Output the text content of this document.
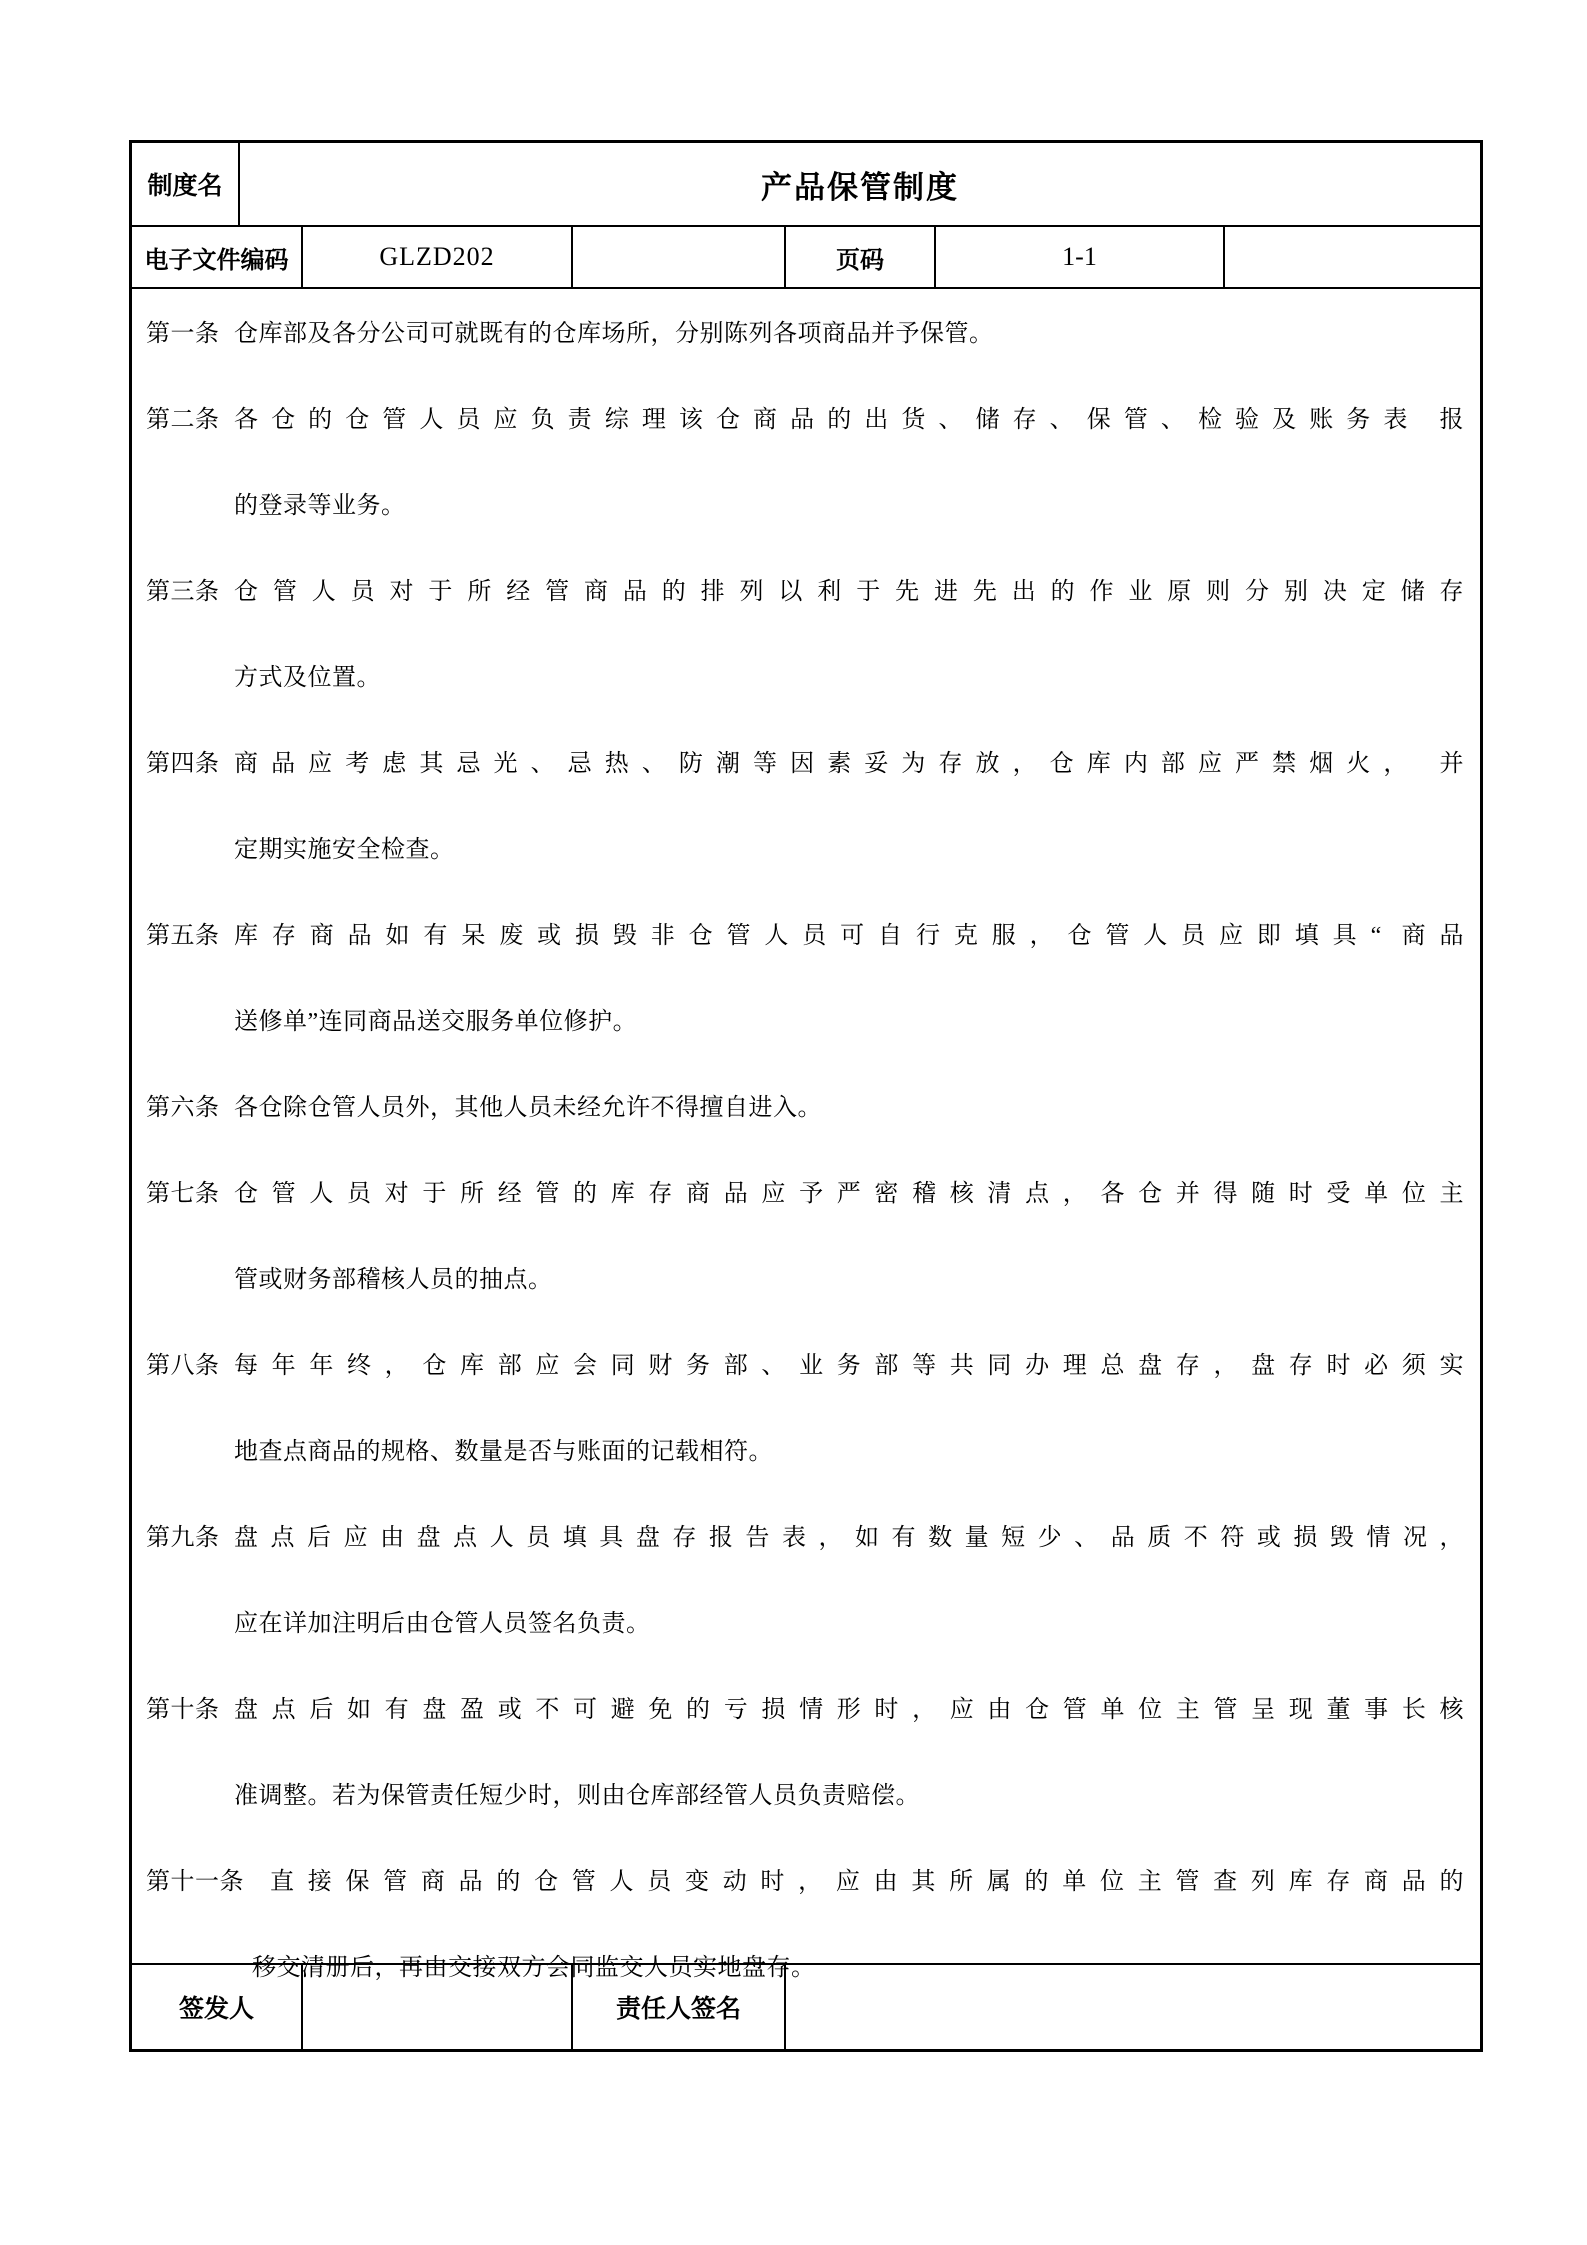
制度名	产品保管制度
电子文件编码	GLZD202	页码	1-1
第一条 仓库部及各分公司可就既有的仓库场所，分别陈列各项商品并予保管。
第二条 各仓的仓管人员应负责综理该仓商品的出货、储存、保管、检验及账务表 报
的登录等业务。
第三条 仓管人员对于所经管商品的排列以利于先进先出的作业原则分别决定储存
方式及位置。
第四条 商品应考虑其忌光、忌热、防潮等因素妥为存放，仓库内部应严禁烟火， 并
定期实施安全检查。
第五条 库存商品如有呆废或损毁非仓管人员可自行克服，仓管人员应即填具“ 商品
送修单”连同商品送交服务单位修护。
第六条 各仓除仓管人员外，其他人员未经允许不得擅自进入。
第七条 仓管人员对于所经管的库存商品应予严密稽核清点，各仓并得随时受单位主
管或财务部稽核人员的抽点。
第八条 每年年终，仓库部应会同财务部、业务部等共同办理总盘存，盘存时必须实
地查点商品的规格、数量是否与账面的记载相符。
第九条 盘点后应由盘点人员填具盘存报告表，如有数量短少、品质不符或损毁情况，
应在详加注明后由仓管人员签名负责。
第十条 盘点后如有盘盈或不可避免的亏损情形时，应由仓管单位主管呈现董事长核
准调整。若为保管责任短少时，则由仓库部经管人员负责赔偿。
第十一条	直接保管商品的仓管人员变动时，应由其所属的单位主管查列库存商品的
移交清册后，再由交接双方会同监交人员实地盘存。
签发人	责任人签名
